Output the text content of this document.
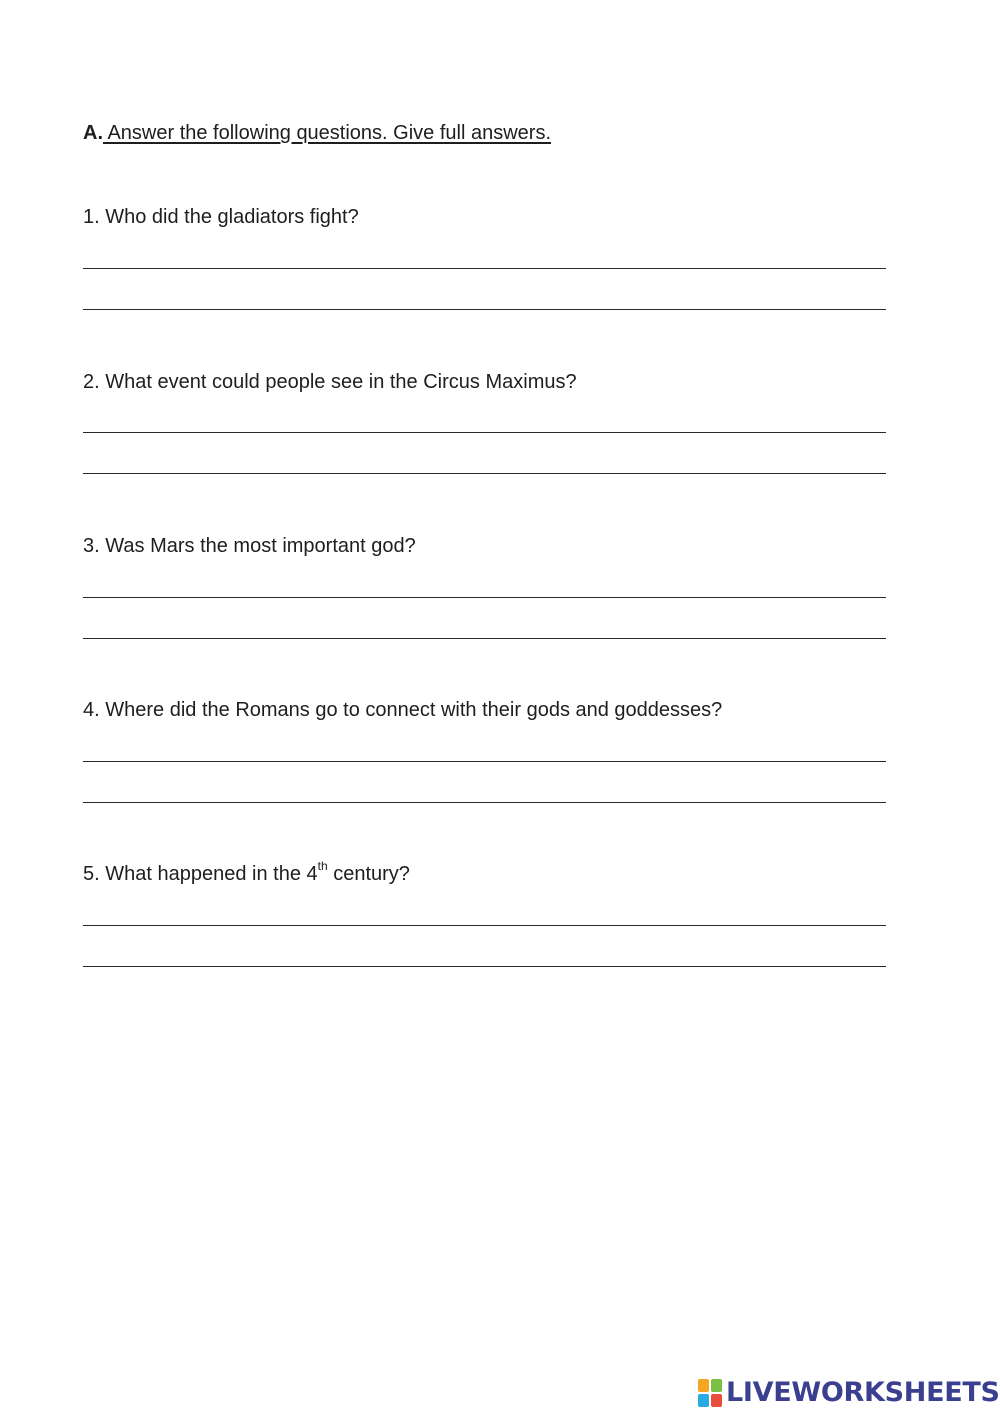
A. Answer the following questions. Give full answers.
1. Who did the gladiators fight?
2. What event could people see in the Circus Maximus?
3. Was Mars the most important god?
4. Where did the Romans go to connect with their gods and goddesses?
5. What happened in the 4th century?
LIVEWORKSHEETS
